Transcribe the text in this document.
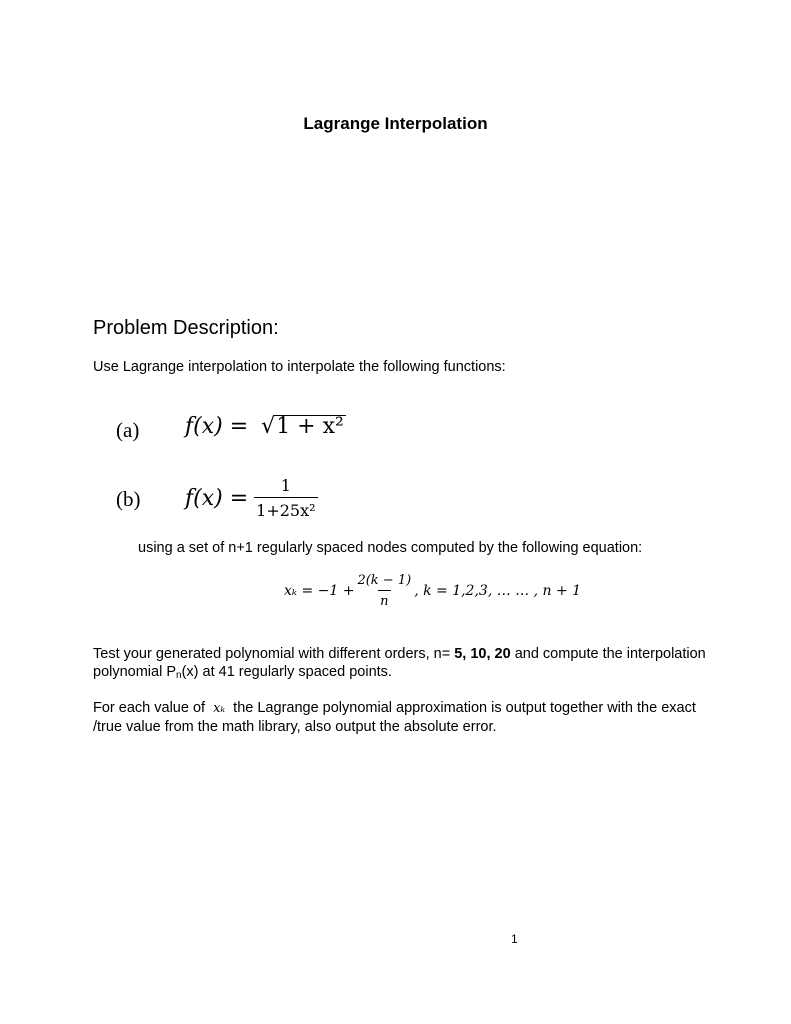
Lagrange Interpolation
Problem Description:
Use Lagrange interpolation to interpolate the following functions:
(a) f(x) = √1 + x²
(b) $f(x) = \frac{1}{\text{1+25x²}}$
using a set of n+1 regularly spaced nodes computed by the following equation:
$x_k = -1 + \frac{2(k - 1)}{n}$ , k = 1,2,3, … … , n + 1
Test your generated polynomial with different orders, n= 5, 10, 20 and compute the interpolation polynomial Pn(x) at 41 regularly spaced points.
For each value of xₖ the Lagrange polynomial approximation is output together with the exact /true value from the math library, also output the absolute error.
1
